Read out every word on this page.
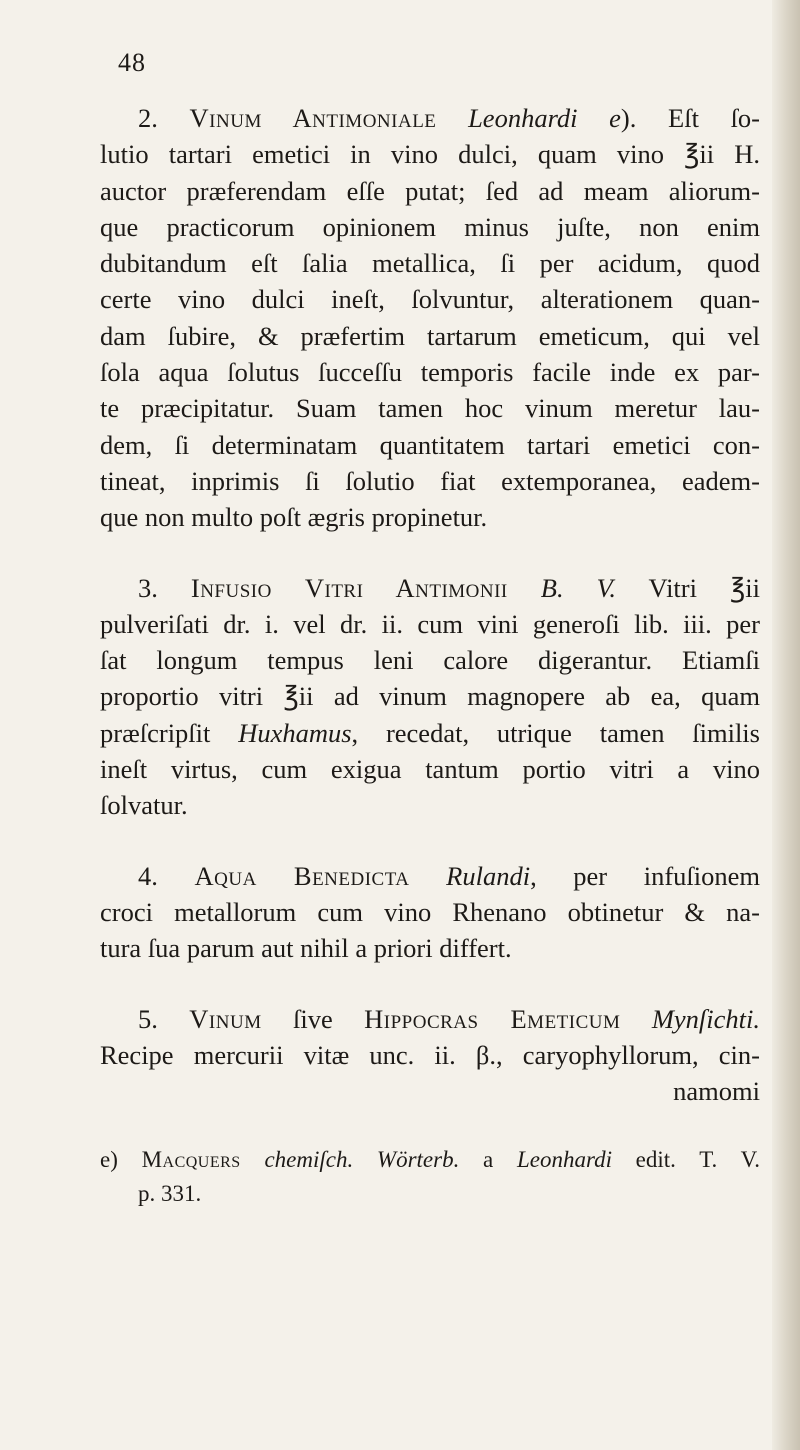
48
2. Vinum Antimoniale Leonhardi e). Eſt ſo-
lutio tartari emetici in vino dulci, quam vino ℥ii H.
auctor præferendam eſſe putat; ſed ad meam aliorum-
que practicorum opinionem minus juſte, non enim
dubitandum eſt ſalia metallica, ſi per acidum, quod
certe vino dulci ineſt, ſolvuntur, alterationem quan-
dam ſubire, & præfertim tartarum emeticum, qui vel
ſola aqua ſolutus ſucceſſu temporis facile inde ex par-
te præcipitatur. Suam tamen hoc vinum meretur lau-
dem, ſi determinatam quantitatem tartari emetici con-
tineat, inprimis ſi ſolutio fiat extemporanea, eadem-
que non multo poſt ægris propinetur.
3. Infusio Vitri Antimonii B. V. Vitri ℥ii
pulveriſati dr. i. vel dr. ii. cum vini generoſi lib. iii. per
ſat longum tempus leni calore digerantur. Etiamſi
proportio vitri ℥ii ad vinum magnopere ab ea, quam
præſcripſit Huxhamus, recedat, utrique tamen ſimilis
ineſt virtus, cum exigua tantum portio vitri a vino
ſolvatur.
4. Aqua Benedicta Rulandi, per infuſionem
croci metallorum cum vino Rhenano obtinetur & na-
tura ſua parum aut nihil a priori differt.
5. Vinum ſive Hippocras Emeticum Mynſichti.
Recipe mercurii vitæ unc. ii. β., caryophyllorum, cin-
namomi
e) Macquers chemiſch. Wörterb. a Leonhardi edit. T. V.
p. 331.
